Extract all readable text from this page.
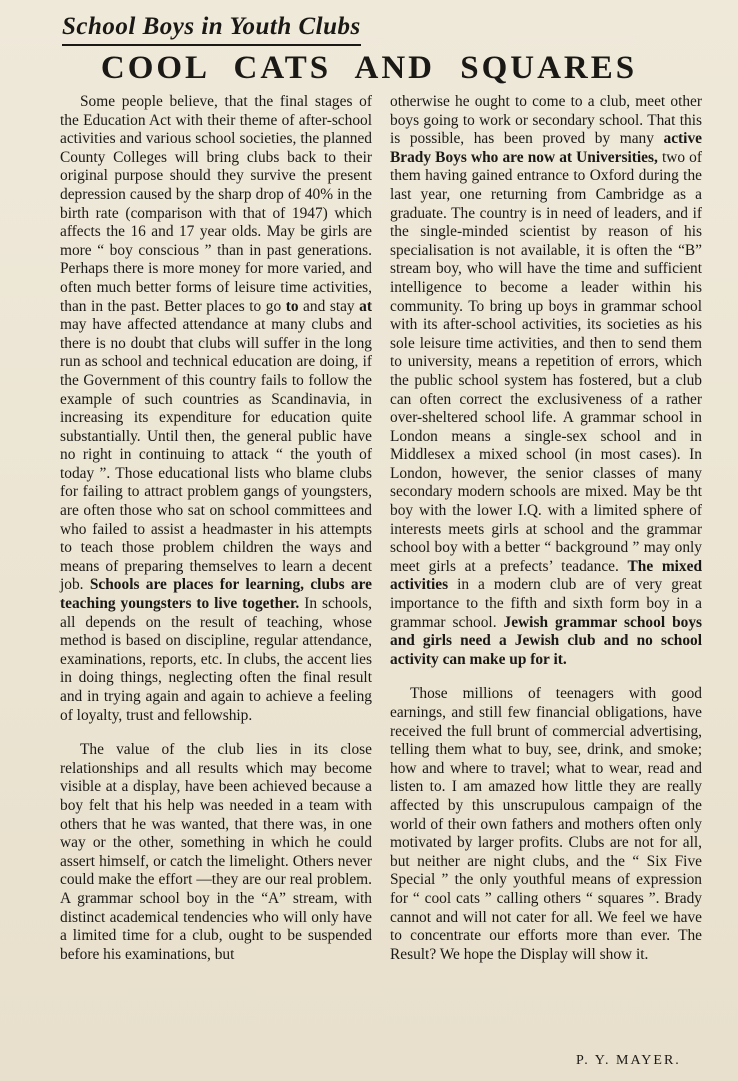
School Boys in Youth Clubs
COOL CATS AND SQUARES

Some people believe, that the final stages of the Education Act with their theme of after-school activities and various school societies, the planned County Colleges will bring clubs back to their original purpose should they survive the present depression caused by the sharp drop of 40% in the birth rate (comparison with that of 1947) which affects the 16 and 17 year olds. May be girls are more “ boy conscious ” than in past generations. Perhaps there is more money for more varied, and often much better forms of leisure time activities, than in the past. Better places to go to and stay at may have affected attendance at many clubs and there is no doubt that clubs will suffer in the long run as school and technical education are doing, if the Government of this country fails to follow the example of such countries as Scandinavia, in increasing its expenditure for education quite substantially. Until then, the general public have no right in continuing to attack “ the youth of today ”. Those educational lists who blame clubs for failing to attract problem gangs of youngsters, are often those who sat on school committees and who failed to assist a headmaster in his attempts to teach those problem children the ways and means of preparing themselves to learn a decent job. Schools are places for learning, clubs are teaching youngsters to live together. In schools, all depends on the result of teaching, whose method is based on discipline, regular attendance, examinations, reports, etc. In clubs, the accent lies in doing things, neglecting often the final result and in trying again and again to achieve a feeling of loyalty, trust and fellowship.

The value of the club lies in its close relationships and all results which may become visible at a display, have been achieved because a boy felt that his help was needed in a team with others that he was wanted, that there was, in one way or the other, something in which he could assert himself, or catch the limelight. Others never could make the effort —they are our real problem. A grammar school boy in the “A” stream, with distinct academical tendencies who will only have a limited time for a club, ought to be suspended before his examinations, but

otherwise he ought to come to a club, meet other boys going to work or secondary school. That this is possible, has been proved by many active Brady Boys who are now at Universities, two of them having gained entrance to Oxford during the last year, one returning from Cambridge as a graduate. The country is in need of leaders, and if the single-minded scientist by reason of his specialisation is not available, it is often the “B” stream boy, who will have the time and sufficient intelligence to become a leader within his community. To bring up boys in grammar school with its after-school activities, its societies as his sole leisure time activities, and then to send them to university, means a repetition of errors, which the public school system has fostered, but a club can often correct the exclusiveness of a rather over-sheltered school life. A grammar school in London means a single-sex school and in Middlesex a mixed school (in most cases). In London, however, the senior classes of many secondary modern schools are mixed. May be tht boy with the lower I.Q. with a limited sphere of interests meets girls at school and the grammar school boy with a better “ background ” may only meet girls at a prefects’ teadance. The mixed activities in a modern club are of very great importance to the fifth and sixth form boy in a grammar school. Jewish grammar school boys and girls need a Jewish club and no school activity can make up for it.

Those millions of teenagers with good earnings, and still few financial obligations, have received the full brunt of commercial advertising, telling them what to buy, see, drink, and smoke; how and where to travel; what to wear, read and listen to. I am amazed how little they are really affected by this unscrupulous campaign of the world of their own fathers and mothers often only motivated by larger profits. Clubs are not for all, but neither are night clubs, and the “ Six Five Special ” the only youthful means of expression for “ cool cats ” calling others “ squares ”. Brady cannot and will not cater for all. We feel we have to concentrate our efforts more than ever. The Result? We hope the Display will show it.

P. Y. MAYER.
